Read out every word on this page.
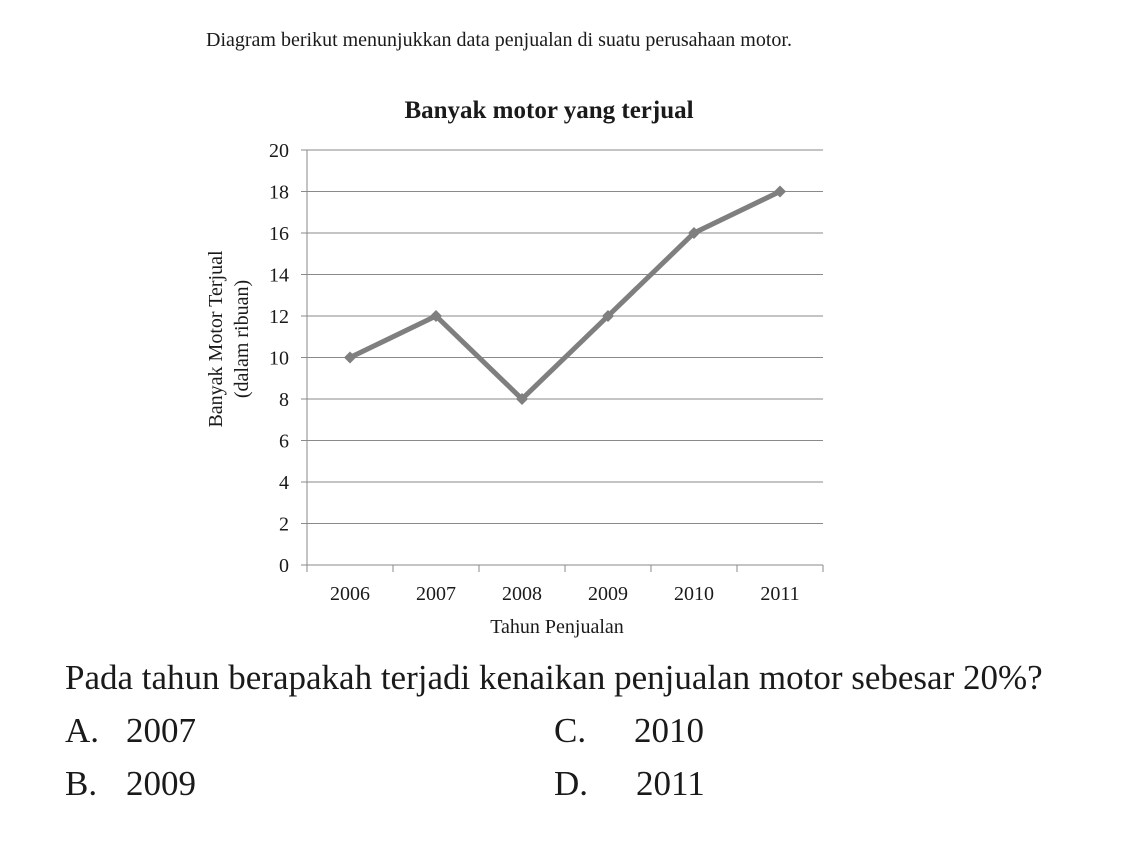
Diagram berikut menunjukkan data penjualan di suatu perusahaan motor.

Banyak motor yang terjual
0
2
4
6
8
10
12
14
16
18
20
2006 2007 2008 2009 2010 2011
Tahun Penjualan
Banyak Motor Terjual (dalam ribuan)

Pada tahun berapakah terjadi kenaikan penjualan motor sebesar 20%?

A. 2007
B. 2009
C. 2010
D. 2011
